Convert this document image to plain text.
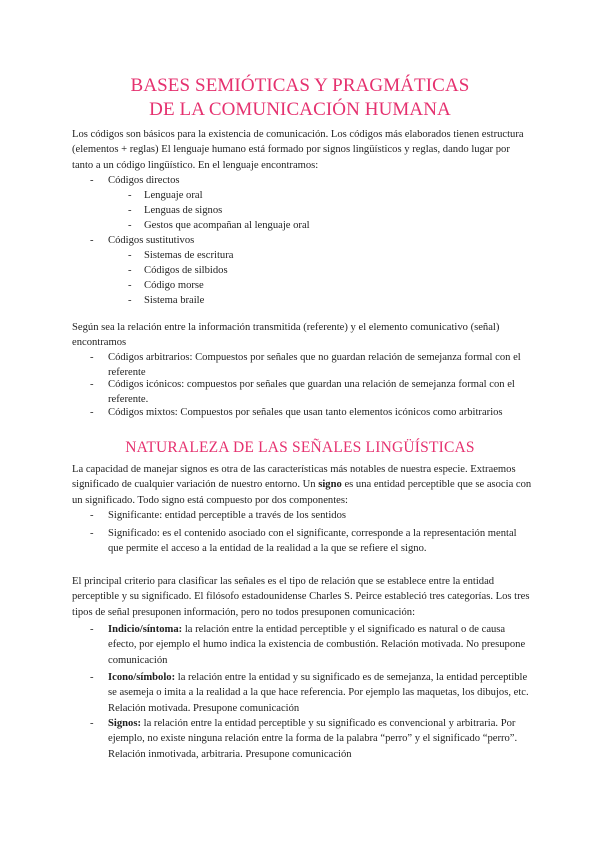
BASES SEMIÓTICAS Y PRAGMÁTICAS
DE LA COMUNICACIÓN HUMANA
Los códigos son básicos para la existencia de comunicación. Los códigos más elaborados tienen estructura (elementos + reglas) El lenguaje humano está formado por signos lingüísticos y reglas, dando lugar por tanto a un código lingüístico. En el lenguaje encontramos:
- Códigos directos
- Lenguaje oral
- Lenguas de signos
- Gestos que acompañan al lenguaje oral
- Códigos sustitutivos
- Sistemas de escritura
- Códigos de silbidos
- Código morse
- Sistema braile
Según sea la relación entre la información transmitida (referente) y el elemento comunicativo (señal) encontramos
- Códigos arbitrarios: Compuestos por señales que no guardan relación de semejanza formal con el referente
- Códigos icónicos: compuestos por señales que guardan una relación de semejanza formal con el referente.
- Códigos mixtos: Compuestos por señales que usan tanto elementos icónicos como arbitrarios
NATURALEZA DE LAS SEÑALES LINGÜÍSTICAS
La capacidad de manejar signos es otra de las características más notables de nuestra especie. Extraemos significado de cualquier variación de nuestro entorno. Un signo es una entidad perceptible que se asocia con un significado. Todo signo está compuesto por dos componentes:
- Significante: entidad perceptible a través de los sentidos
- Significado: es el contenido asociado con el significante, corresponde a la representación mental que permite el acceso a la entidad de la realidad a la que se refiere el signo.
El principal criterio para clasificar las señales es el tipo de relación que se establece entre la entidad perceptible y su significado. El filósofo estadounidense Charles S. Peirce estableció tres categorías. Los tres tipos de señal presuponen información, pero no todos presuponen comunicación:
- Indicio/síntoma: la relación entre la entidad perceptible y el significado es natural o de causa efecto, por ejemplo el humo indica la existencia de combustión. Relación motivada. No presupone comunicación
- Icono/símbolo: la relación entre la entidad y su significado es de semejanza, la entidad perceptible se asemeja o imita a la realidad a la que hace referencia. Por ejemplo las maquetas, los dibujos, etc. Relación motivada. Presupone comunicación
- Signos: la relación entre la entidad perceptible y su significado es convencional y arbitraria. Por ejemplo, no existe ninguna relación entre la forma de la palabra “perro” y el significado “perro”. Relación inmotivada, arbitraria. Presupone comunicación
